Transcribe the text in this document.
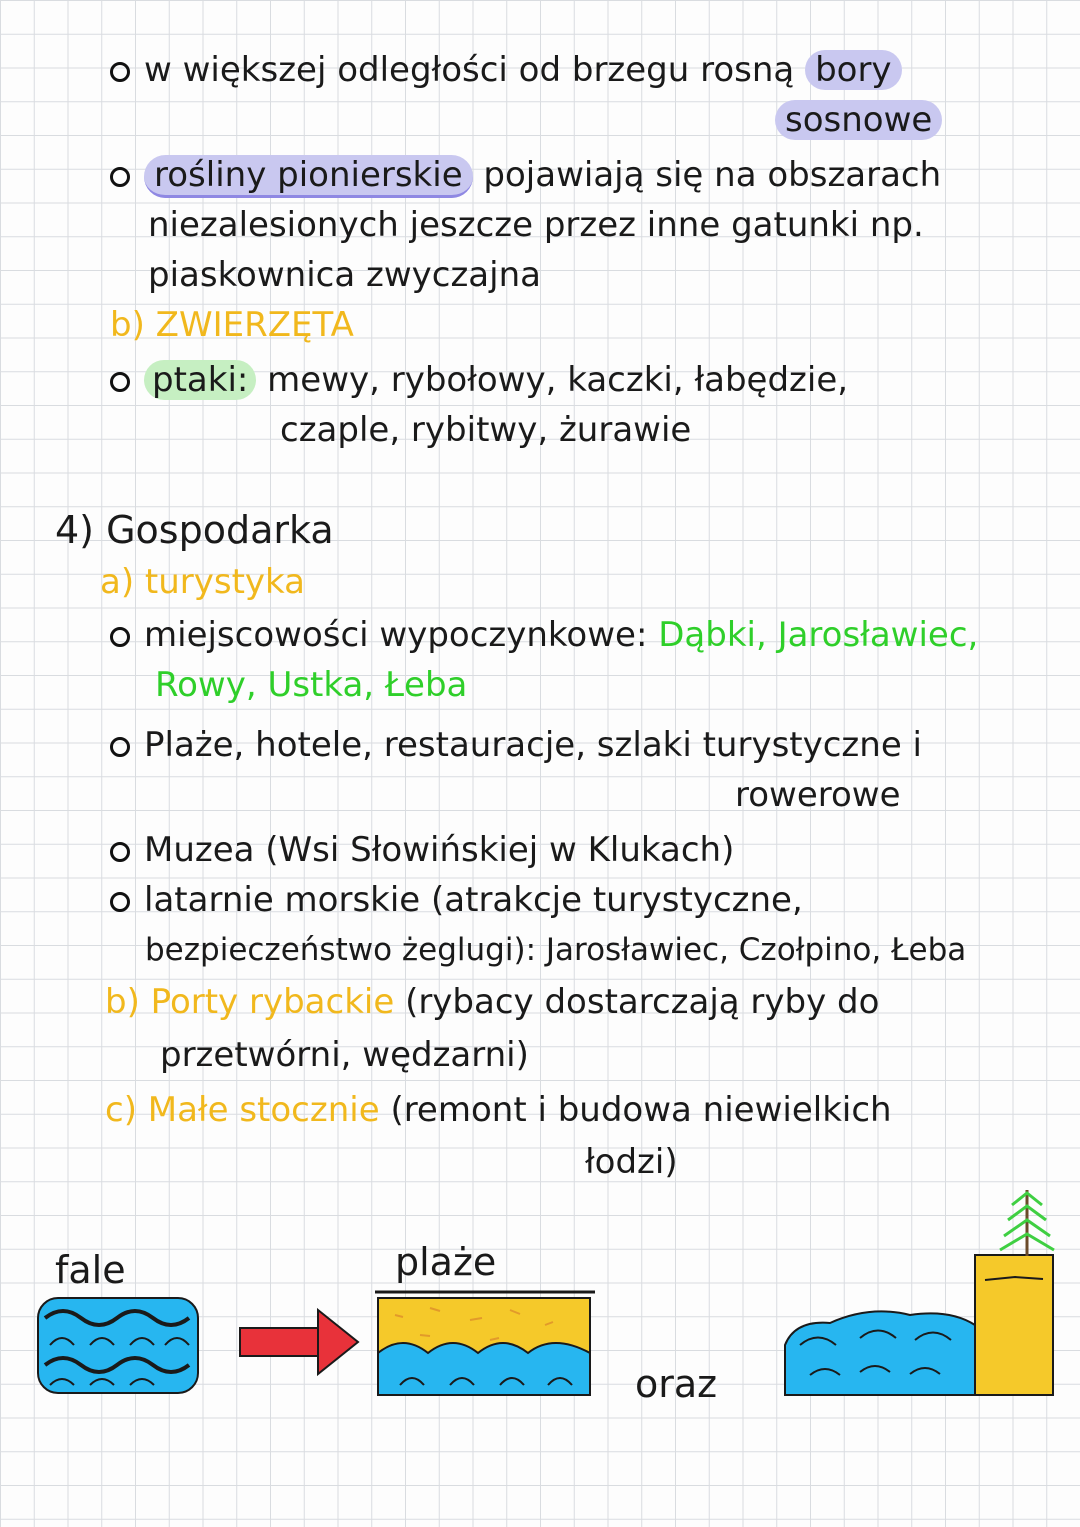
w większej odległości od brzegu rosną bory
sosnowe
rośliny pionierskie pojawiają się na obszarach
niezalesionych jeszcze przez inne gatunki np.
piaskownica zwyczajna
b) ZWIERZĘTA
ptaki: mewy, rybołowy, kaczki, łabędzie,
czaple, rybitwy, żurawie
4) Gospodarka
a) turystyka
miejscowości wypoczynkowe: Dąbki, Jarosławiec,
Rowy, Ustka, Łeba
Plaże, hotele, restauracje, szlaki turystyczne i
rowerowe
Muzea (Wsi Słowińskiej w Klukach)
latarnie morskie (atrakcje turystyczne,
bezpieczeństwo żeglugi): Jarosławiec, Czołpino, Łeba
b) Porty rybackie (rybacy dostarczają ryby do
przetwórni, wędzarni)
c) Małe stocznie (remont i budowa niewielkich
łodzi)
fale	plaże
oraz
